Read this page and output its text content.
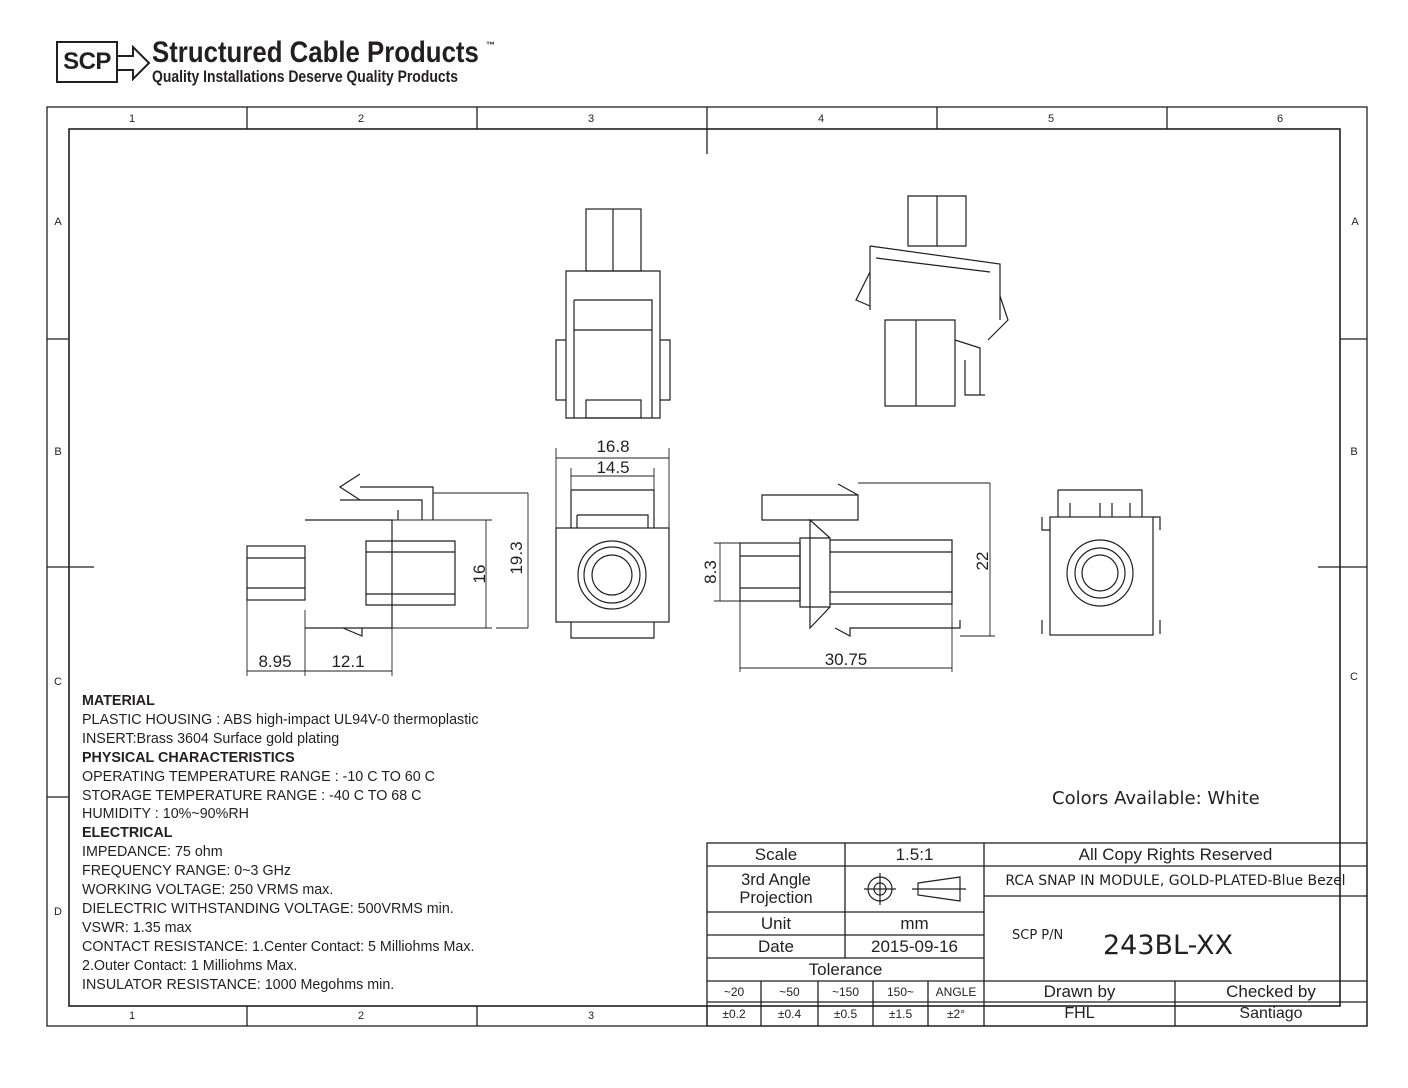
SCP Structured Cable Products ™
Quality Installations Deserve Quality Products
1	2	3	4	5	6
1	2	3
A
B
C
D
A
B
C
16.8
14.5
8.95 12.1	30.75
16 19.3	8.3	22
MATERIAL
PLASTIC HOUSING : ABS high-impact UL94V-0 thermoplastic
INSERT:Brass 3604 Surface gold plating
PHYSICAL CHARACTERISTICS
OPERATING TEMPERATURE RANGE : -10 C TO 60 C
STORAGE TEMPERATURE RANGE : -40 C TO 68 C
HUMIDITY : 10%~90%RH
ELECTRICAL
IMPEDANCE: 75 ohm
FREQUENCY RANGE: 0~3 GHz
WORKING VOLTAGE: 250 VRMS max.
DIELECTRIC WITHSTANDING VOLTAGE: 500VRMS min.
VSWR: 1.35 max
CONTACT RESISTANCE: 1.Center Contact: 5 Milliohms Max.
2.Outer Contact: 1 Milliohms Max.
INSULATOR RESISTANCE: 1000 Megohms min.
Colors Available: White
Scale	1.5:1	All Copy Rights Reserved
3rd Angle
Projection
RCA SNAP IN MODULE, GOLD-PLATED-Blue Bezel
Unit	mm
Date	2015-09-16
SCP P/N 243BL-XX
Tolerance
~20	~50	~150	150~	ANGLE
±0.2	±0.4	±0.5	±1.5	±2°
Drawn by	Checked by
FHL	Santiago
